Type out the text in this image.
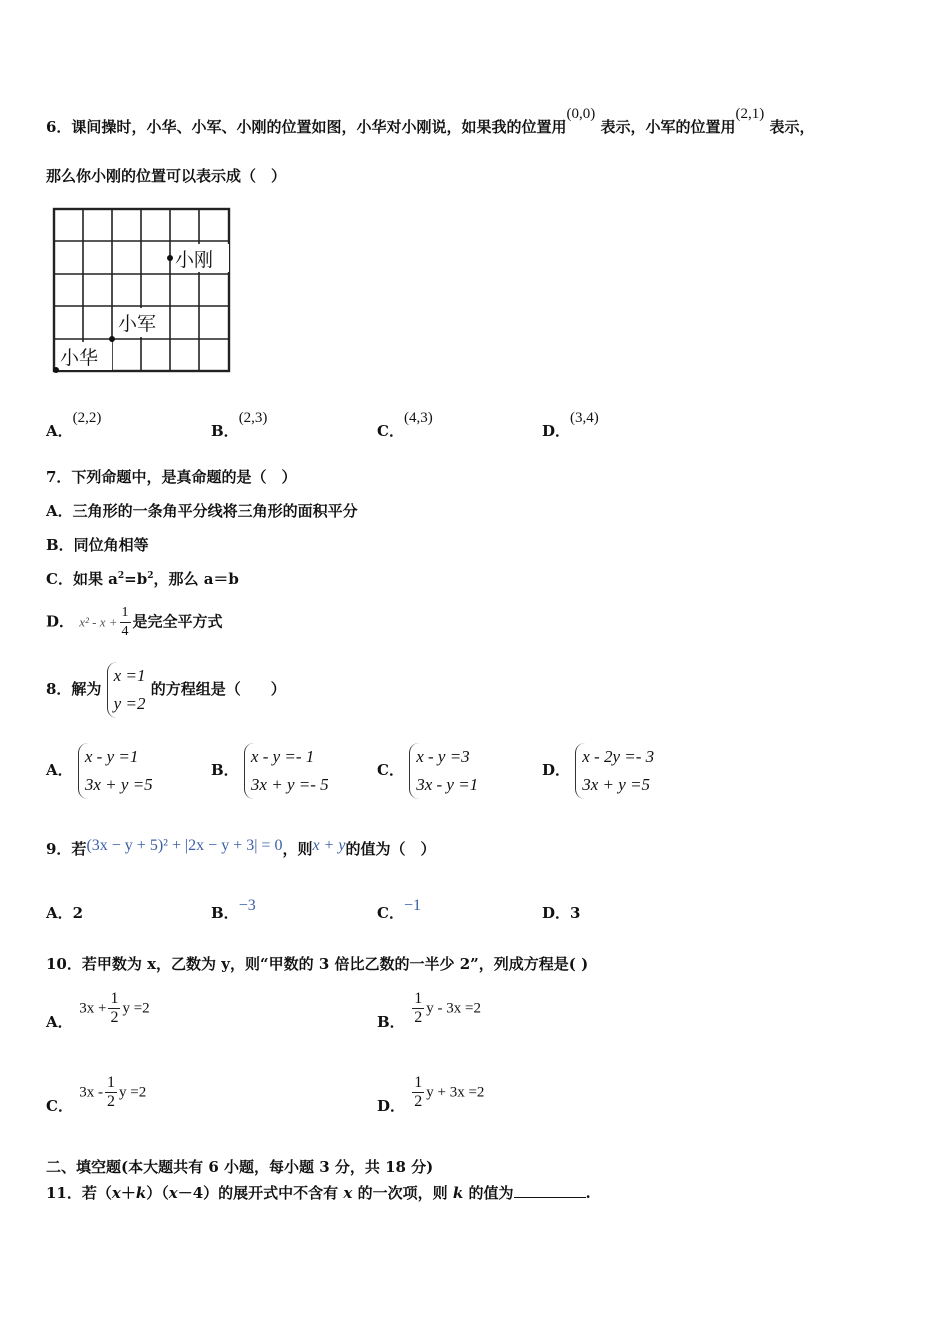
6．课间操时，小华、小军、小刚的位置如图，小华对小刚说，如果我的位置用(0,0) 表示，小军的位置用(2,1) 表示，
那么你小刚的位置可以表示成（　）
小刚
小军
小华
A．(2,2)
B．(2,3)
C．(4,3)
D．(3,4)
7．下列命题中，是真命题的是（　）
A．三角形的一条角平分线将三角形的面积平分
B．同位角相等
C．如果 $a^2=b^2$，那么 a＝b
D． $x^2 - x + \frac{1}{4}$ 是完全平方式
8．解为
x =1
y =2
的方程组是（　　）
A．
x - y =1
3x + y =5
B．
x - y =- 1
3x + y =- 5
C．
x - y =3
3x - y =1
D．
x - 2y =- 3
3x + y =5
9．若(3x − y + 5)² + |2x − y + 3| = 0，则x + y的值为（　）
A．2	B．−3	C．−1	D．3
10．若甲数为 x，乙数为 y，则“甲数的 3 倍比乙数的一半少 2”，列成方程是( )
A． $3x + \frac{1}{2}$ y =2
B． $\frac{1}{2}$ y - 3x =2
C． $3x - \frac{1}{2}$ y =2
D． $\frac{1}{2}$ y + 3x =2
二、填空题(本大题共有 6 小题，每小题 3 分，共 18 分)
11．若（x＋k）（x－4）的展开式中不含有 x 的一次项，则 k 的值为	.
